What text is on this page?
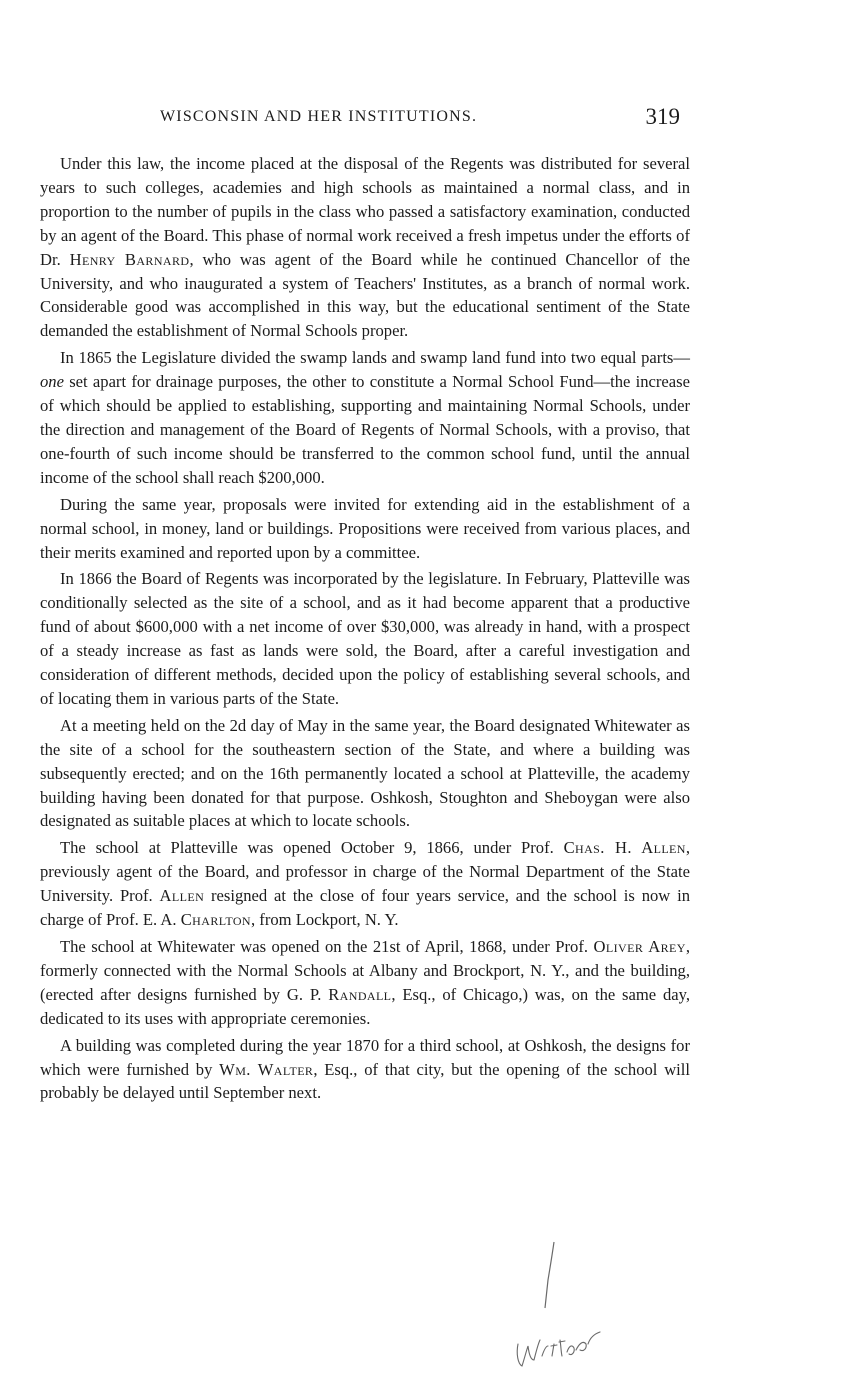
WISCONSIN AND HER INSTITUTIONS.	319

Under this law, the income placed at the disposal of the Regents was distributed for several years to such colleges, academies and high schools as maintained a normal class, and in proportion to the number of pupils in the class who passed a satisfactory examination, conducted by an agent of the Board. This phase of normal work received a fresh impetus under the efforts of Dr. Henry Barnard, who was agent of the Board while he continued Chancellor of the University, and who inaugurated a system of Teachers' Institutes, as a branch of normal work. Considerable good was accomplished in this way, but the educational sentiment of the State demanded the establishment of Normal Schools proper.

In 1865 the Legislature divided the swamp lands and swamp land fund into two equal parts—one set apart for drainage purposes, the other to constitute a Normal School Fund—the increase of which should be applied to establishing, supporting and maintaining Normal Schools, under the direction and management of the Board of Regents of Normal Schools, with a proviso, that one-fourth of such income should be transferred to the common school fund, until the annual income of the school shall reach $200,000.

During the same year, proposals were invited for extending aid in the establishment of a normal school, in money, land or buildings. Propositions were received from various places, and their merits examined and reported upon by a committee.

In 1866 the Board of Regents was incorporated by the legislature. In February, Platteville was conditionally selected as the site of a school, and as it had become apparent that a productive fund of about $600,000 with a net income of over $30,000, was already in hand, with a prospect of a steady increase as fast as lands were sold, the Board, after a careful investigation and consideration of different methods, decided upon the policy of establishing several schools, and of locating them in various parts of the State.

At a meeting held on the 2d day of May in the same year, the Board designated Whitewater as the site of a school for the southeastern section of the State, and where a building was subsequently erected; and on the 16th permanently located a school at Platteville, the academy building having been donated for that purpose. Oshkosh, Stoughton and Sheboygan were also designated as suitable places at which to locate schools.

The school at Platteville was opened October 9, 1866, under Prof. Chas. H. Allen, previously agent of the Board, and professor in charge of the Normal Department of the State University. Prof. Allen resigned at the close of four years service, and the school is now in charge of Prof. E. A. Charlton, from Lockport, N. Y.

The school at Whitewater was opened on the 21st of April, 1868, under Prof. Oliver Arey, formerly connected with the Normal Schools at Albany and Brockport, N. Y., and the building, (erected after designs furnished by G. P. Randall, Esq., of Chicago,) was, on the same day, dedicated to its uses with appropriate ceremonies.

A building was completed during the year 1870 for a third school, at Oshkosh, the designs for which were furnished by Wm. Walter, Esq., of that city, but the opening of the school will probably be delayed until September next.
